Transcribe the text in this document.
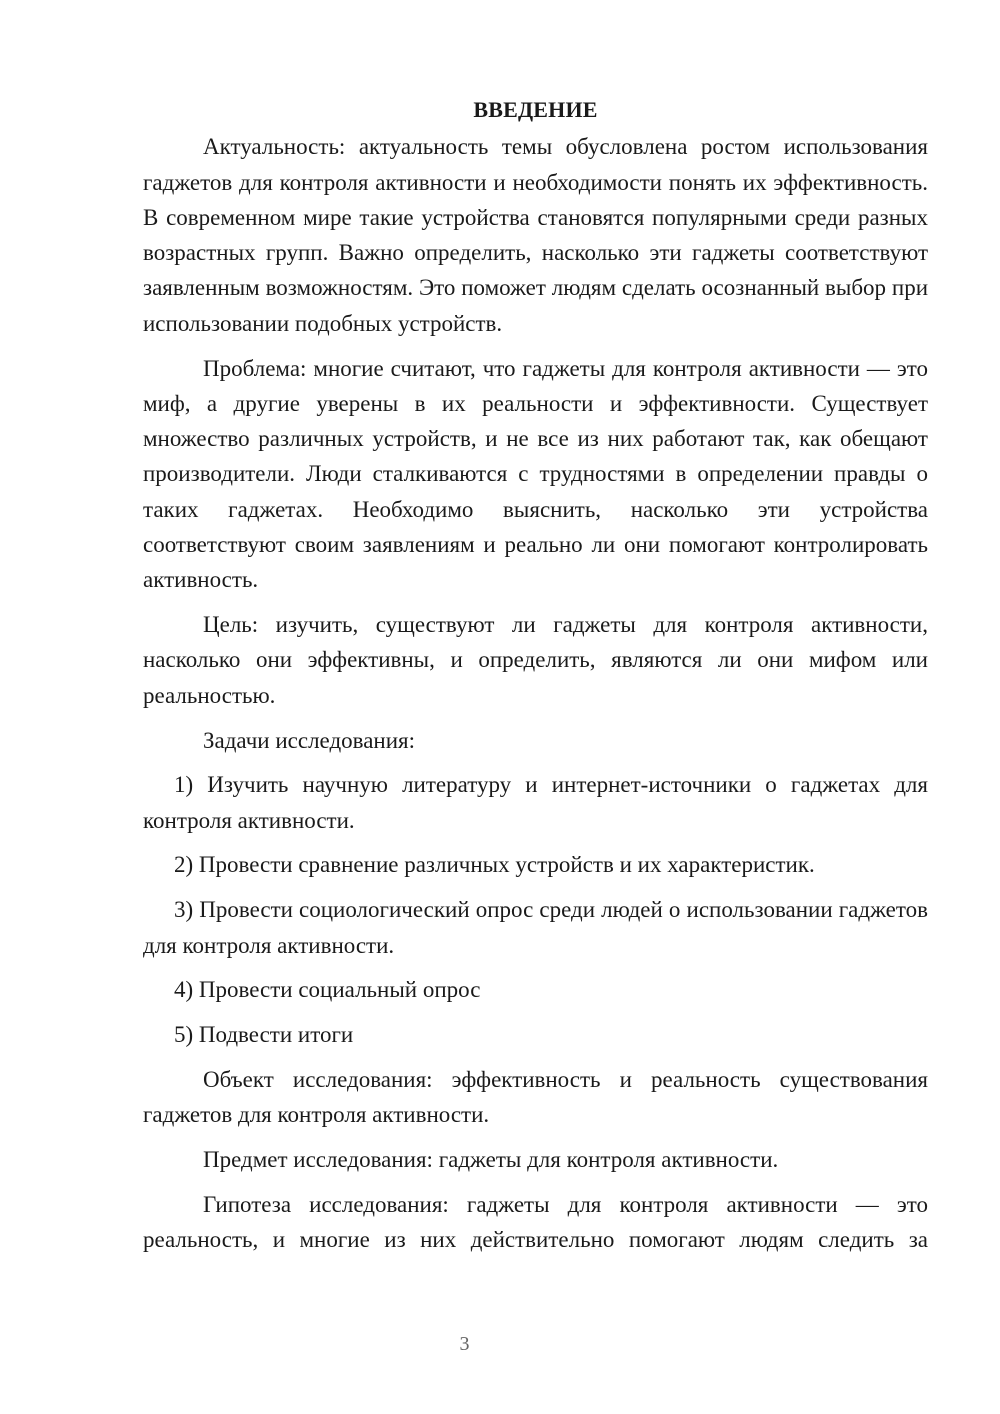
ВВЕДЕНИЕ

Актуальность: актуальность темы обусловлена ростом использования гаджетов для контроля активности и необходимости понять их эффективность. В современном мире такие устройства становятся популярными среди разных возрастных групп. Важно определить, насколько эти гаджеты соответствуют заявленным возможностям. Это поможет людям сделать осознанный выбор при использовании подобных устройств.

Проблема: многие считают, что гаджеты для контроля активности — это миф, а другие уверены в их реальности и эффективности. Существует множество различных устройств, и не все из них работают так, как обещают производители. Люди сталкиваются с трудностями в определении правды о таких гаджетах. Необходимо выяснить, насколько эти устройства соответствуют своим заявлениям и реально ли они помогают контролировать активность.

Цель: изучить, существуют ли гаджеты для контроля активности, насколько они эффективны, и определить, являются ли они мифом или реальностью.

Задачи исследования:

1) Изучить научную литературу и интернет-источники о гаджетах для контроля активности.

2) Провести сравнение различных устройств и их характеристик.

3) Провести социологический опрос среди людей о использовании гаджетов для контроля активности.

4) Провести социальный опрос

5) Подвести итоги

Объект исследования: эффективность и реальность существования гаджетов для контроля активности.

Предмет исследования: гаджеты для контроля активности.

Гипотеза исследования: гаджеты для контроля активности — это реальность, и многие из них действительно помогают людям следить за

3
